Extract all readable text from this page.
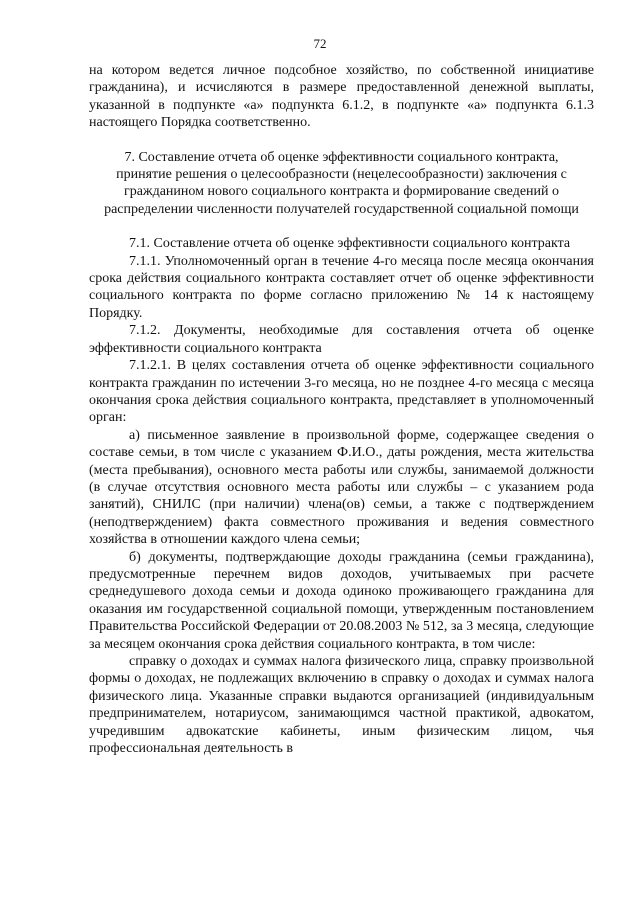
72

на котором ведется личное подсобное хозяйство, по собственной инициативе гражданина), и исчисляются в размере предоставленной денежной выплаты, указанной в подпункте «а» подпункта 6.1.2, в подпункте «а» подпункта 6.1.3 настоящего Порядка соответственно.

7. Составление отчета об оценке эффективности социального контракта, принятие решения о целесообразности (нецелесообразности) заключения с гражданином нового социального контракта и формирование сведений о распределении численности получателей государственной социальной помощи

7.1. Составление отчета об оценке эффективности социального контракта

7.1.1. Уполномоченный орган в течение 4-го месяца после месяца окончания срока действия социального контракта составляет отчет об оценке эффективности социального контракта по форме согласно приложению № 14 к настоящему Порядку.

7.1.2. Документы, необходимые для составления отчета об оценке эффективности социального контракта

7.1.2.1. В целях составления отчета об оценке эффективности социального контракта гражданин по истечении 3-го месяца, но не позднее 4-го месяца с месяца окончания срока действия социального контракта, представляет в уполномоченный орган:

а) письменное заявление в произвольной форме, содержащее сведения о составе семьи, в том числе с указанием Ф.И.О., даты рождения, места жительства (места пребывания), основного места работы или службы, занимаемой должности (в случае отсутствия основного места работы или службы – с указанием рода занятий), СНИЛС (при наличии) члена(ов) семьи, а также с подтверждением (неподтверждением) факта совместного проживания и ведения совместного хозяйства в отношении каждого члена семьи;

б) документы, подтверждающие доходы гражданина (семьи гражданина), предусмотренные перечнем видов доходов, учитываемых при расчете среднедушевого дохода семьи и дохода одиноко проживающего гражданина для оказания им государственной социальной помощи, утвержденным постановлением Правительства Российской Федерации от 20.08.2003 № 512, за 3 месяца, следующие за месяцем окончания срока действия социального контракта, в том числе:

справку о доходах и суммах налога физического лица, справку произвольной формы о доходах, не подлежащих включению в справку о доходах и суммах налога физического лица. Указанные справки выдаются организацией (индивидуальным предпринимателем, нотариусом, занимающимся частной практикой, адвокатом, учредившим адвокатские кабинеты, иным физическим лицом, чья профессиональная деятельность в
